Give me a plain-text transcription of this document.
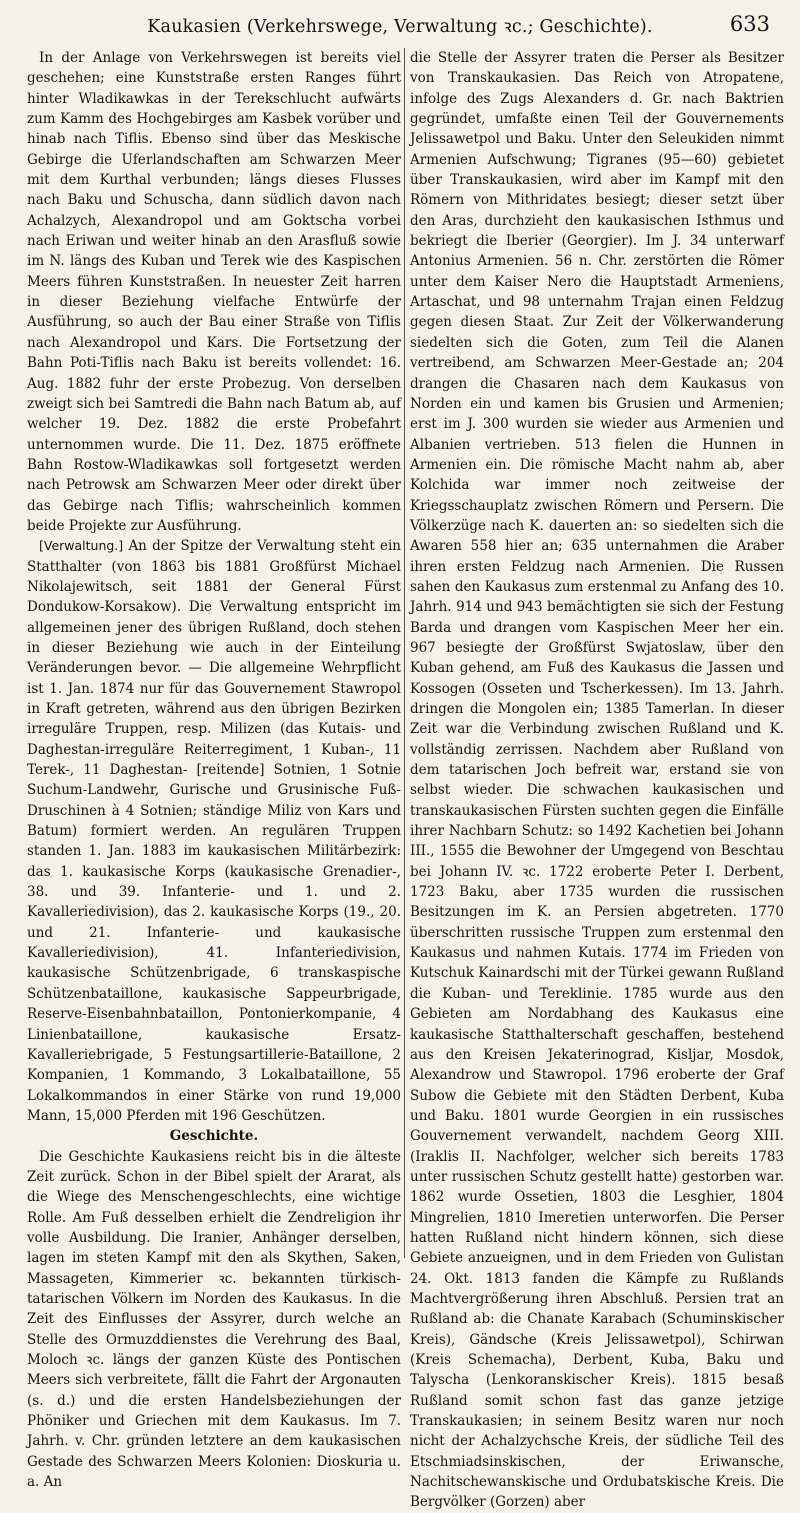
Kaukasien (Verkehrswege, Verwaltung ꝛc.; Geschichte).	633

In der Anlage von Verkehrswegen ist bereits viel geschehen; eine Kunststraße ersten Ranges führt hinter Wladikawkas in der Terekschlucht aufwärts zum Kamm des Hochgebirges am Kasbek vorüber und hinab nach Tiflis. Ebenso sind über das Meskische Gebirge die Uferlandschaften am Schwarzen Meer mit dem Kurthal verbunden; längs dieses Flusses nach Baku und Schuscha, dann südlich davon nach Achalzych, Alexandropol und am Goktscha vorbei nach Eriwan und weiter hinab an den Arasfluß sowie im N. längs des Kuban und Terek wie des Kaspischen Meers führen Kunststraßen. In neuester Zeit harren in dieser Beziehung vielfache Entwürfe der Ausführung, so auch der Bau einer Straße von Tiflis nach Alexandropol und Kars. Die Fortsetzung der Bahn Poti-Tiflis nach Baku ist bereits vollendet: 16. Aug. 1882 fuhr der erste Probezug. Von derselben zweigt sich bei Samtredi die Bahn nach Batum ab, auf welcher 19. Dez. 1882 die erste Probefahrt unternommen wurde. Die 11. Dez. 1875 eröffnete Bahn Rostow-Wladikawkas soll fortgesetzt werden nach Petrowsk am Schwarzen Meer oder direkt über das Gebirge nach Tiflis; wahrscheinlich kommen beide Projekte zur Ausführung.

[Verwaltung.] An der Spitze der Verwaltung steht ein Statthalter (von 1863 bis 1881 Großfürst Michael Nikolajewitsch, seit 1881 der General Fürst Dondukow-Korsakow). Die Verwaltung entspricht im allgemeinen jener des übrigen Rußland, doch stehen in dieser Beziehung wie auch in der Einteilung Veränderungen bevor. — Die allgemeine Wehrpflicht ist 1. Jan. 1874 nur für das Gouvernement Stawropol in Kraft getreten, während aus den übrigen Bezirken irreguläre Truppen, resp. Milizen (das Kutais- und Daghestan-irreguläre Reiterregiment, 1 Kuban-, 11 Terek-, 11 Daghestan- [reitende] Sotnien, 1 Sotnie Suchum-Landwehr, Gurische und Grusinische Fuß-Druschinen à 4 Sotnien; ständige Miliz von Kars und Batum) formiert werden. An regulären Truppen standen 1. Jan. 1883 im kaukasischen Militärbezirk: das 1. kaukasische Korps (kaukasische Grenadier-, 38. und 39. Infanterie- und 1. und 2. Kavalleriedivision), das 2. kaukasische Korps (19., 20. und 21. Infanterie- und kaukasische Kavalleriedivision), 41. Infanteriedivision, kaukasische Schützenbrigade, 6 transkaspische Schützenbataillone, kaukasische Sappeurbrigade, Reserve-Eisenbahnbataillon, Pontonierkompanie, 4 Linienbataillone, kaukasische Ersatz-Kavalleriebrigade, 5 Festungsartillerie-Bataillone, 2 Kompanien, 1 Kommando, 3 Lokalbataillone, 55 Lokalkommandos in einer Stärke von rund 19,000 Mann, 15,000 Pferden mit 196 Geschützen.

Geschichte.

Die Geschichte Kaukasiens reicht bis in die älteste Zeit zurück. Schon in der Bibel spielt der Ararat, als die Wiege des Menschengeschlechts, eine wichtige Rolle. Am Fuß desselben erhielt die Zendreligion ihr volle Ausbildung. Die Iranier, Anhänger derselben, lagen im steten Kampf mit den als Skythen, Saken, Massageten, Kimmerier ꝛc. bekannten türkisch-tatarischen Völkern im Norden des Kaukasus. In die Zeit des Einflusses der Assyrer, durch welche an Stelle des Ormuzddienstes die Verehrung des Baal, Moloch ꝛc. längs der ganzen Küste des Pontischen Meers sich verbreitete, fällt die Fahrt der Argonauten (s. d.) und die ersten Handelsbeziehungen der Phöniker und Griechen mit dem Kaukasus. Im 7. Jahrh. v. Chr. gründen letztere an dem kaukasischen Gestade des Schwarzen Meers Kolonien: Dioskuria u. a. An

die Stelle der Assyrer traten die Perser als Besitzer von Transkaukasien. Das Reich von Atropatene, infolge des Zugs Alexanders d. Gr. nach Baktrien gegründet, umfaßte einen Teil der Gouvernements Jelissawetpol und Baku. Unter den Seleukiden nimmt Armenien Aufschwung; Tigranes (95—60) gebietet über Transkaukasien, wird aber im Kampf mit den Römern von Mithridates besiegt; dieser setzt über den Aras, durchzieht den kaukasischen Isthmus und bekriegt die Iberier (Georgier). Im J. 34 unterwarf Antonius Armenien. 56 n. Chr. zerstörten die Römer unter dem Kaiser Nero die Hauptstadt Armeniens, Artaschat, und 98 unternahm Trajan einen Feldzug gegen diesen Staat. Zur Zeit der Völkerwanderung siedelten sich die Goten, zum Teil die Alanen vertreibend, am Schwarzen Meer-Gestade an; 204 drangen die Chasaren nach dem Kaukasus von Norden ein und kamen bis Grusien und Armenien; erst im J. 300 wurden sie wieder aus Armenien und Albanien vertrieben. 513 fielen die Hunnen in Armenien ein. Die römische Macht nahm ab, aber Kolchida war immer noch zeitweise der Kriegsschauplatz zwischen Römern und Persern. Die Völkerzüge nach K. dauerten an: so siedelten sich die Awaren 558 hier an; 635 unternahmen die Araber ihren ersten Feldzug nach Armenien. Die Russen sahen den Kaukasus zum erstenmal zu Anfang des 10. Jahrh. 914 und 943 bemächtigten sie sich der Festung Barda und drangen vom Kaspischen Meer her ein. 967 besiegte der Großfürst Swjatoslaw, über den Kuban gehend, am Fuß des Kaukasus die Jassen und Kossogen (Osseten und Tscherkessen). Im 13. Jahrh. dringen die Mongolen ein; 1385 Tamerlan. In dieser Zeit war die Verbindung zwischen Rußland und K. vollständig zerrissen. Nachdem aber Rußland von dem tatarischen Joch befreit war, erstand sie von selbst wieder. Die schwachen kaukasischen und transkaukasischen Fürsten suchten gegen die Einfälle ihrer Nachbarn Schutz: so 1492 Kachetien bei Johann III., 1555 die Bewohner der Umgegend von Beschtau bei Johann IV. ꝛc. 1722 eroberte Peter I. Derbent, 1723 Baku, aber 1735 wurden die russischen Besitzungen im K. an Persien abgetreten. 1770 überschritten russische Truppen zum erstenmal den Kaukasus und nahmen Kutais. 1774 im Frieden von Kutschuk Kainardschi mit der Türkei gewann Rußland die Kuban- und Tereklinie. 1785 wurde aus den Gebieten am Nordabhang des Kaukasus eine kaukasische Statthalterschaft geschaffen, bestehend aus den Kreisen Jekaterinograd, Kisljar, Mosdok, Alexandrow und Stawropol. 1796 eroberte der Graf Subow die Gebiete mit den Städten Derbent, Kuba und Baku. 1801 wurde Georgien in ein russisches Gouvernement verwandelt, nachdem Georg XIII. (Iraklis II. Nachfolger, welcher sich bereits 1783 unter russischen Schutz gestellt hatte) gestorben war. 1862 wurde Ossetien, 1803 die Lesghier, 1804 Mingrelien, 1810 Imeretien unterworfen. Die Perser hatten Rußland nicht hindern können, sich diese Gebiete anzueignen, und in dem Frieden von Gulistan 24. Okt. 1813 fanden die Kämpfe zu Rußlands Machtvergrößerung ihren Abschluß. Persien trat an Rußland ab: die Chanate Karabach (Schuminskischer Kreis), Gändsche (Kreis Jelissawetpol), Schirwan (Kreis Schemacha), Derbent, Kuba, Baku und Talyscha (Lenkoranskischer Kreis). 1815 besaß Rußland somit schon fast das ganze jetzige Transkaukasien; in seinem Besitz waren nur noch nicht der Achalzychsche Kreis, der südliche Teil des Etschmiadsinskischen, der Eriwansche, Nachitschewanskische und Ordubatskische Kreis. Die Bergvölker (Gorzen) aber
